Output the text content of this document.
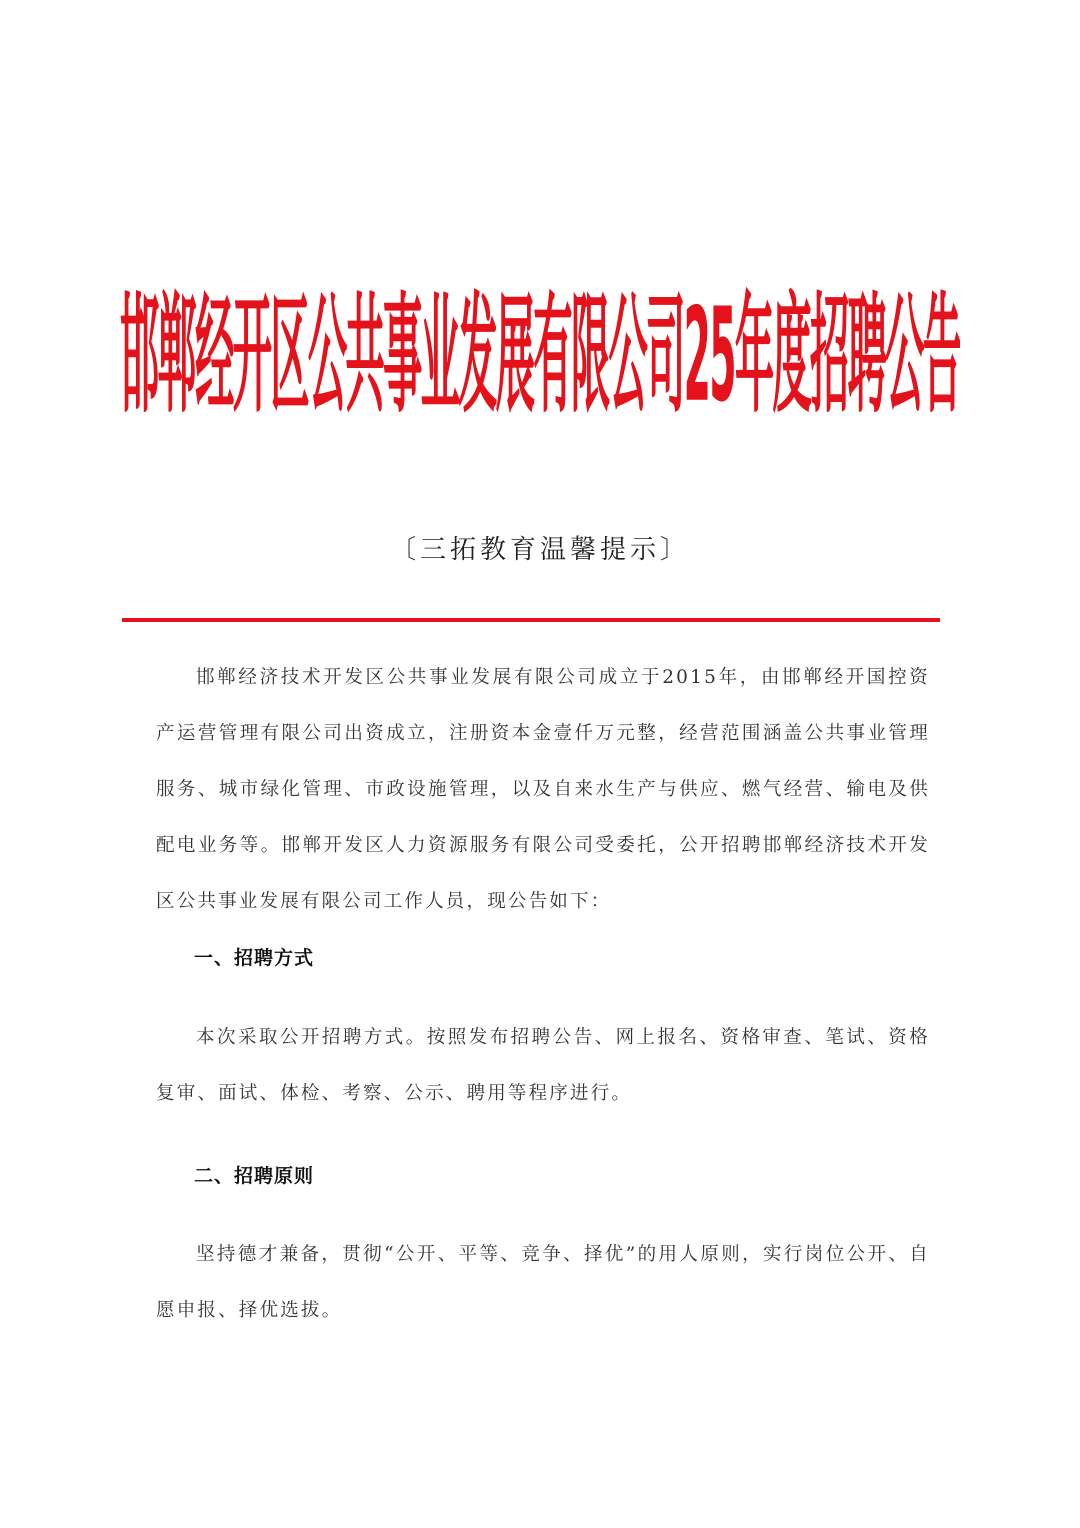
邯郸经开区公共事业发展有限公司25年度招聘公告
〔三拓教育温馨提示〕

邯郸经济技术开发区公共事业发展有限公司成立于2015年，由邯郸经开国控资产运营管理有限公司出资成立，注册资本金壹仟万元整，经营范围涵盖公共事业管理服务、城市绿化管理、市政设施管理，以及自来水生产与供应、燃气经营、输电及供配电业务等。邯郸开发区人力资源服务有限公司受委托，公开招聘邯郸经济技术开发区公共事业发展有限公司工作人员，现公告如下：

一、招聘方式

本次采取公开招聘方式。按照发布招聘公告、网上报名、资格审查、笔试、资格复审、面试、体检、考察、公示、聘用等程序进行。

二、招聘原则

坚持德才兼备，贯彻“公开、平等、竞争、择优”的用人原则，实行岗位公开、自愿申报、择优选拔。
